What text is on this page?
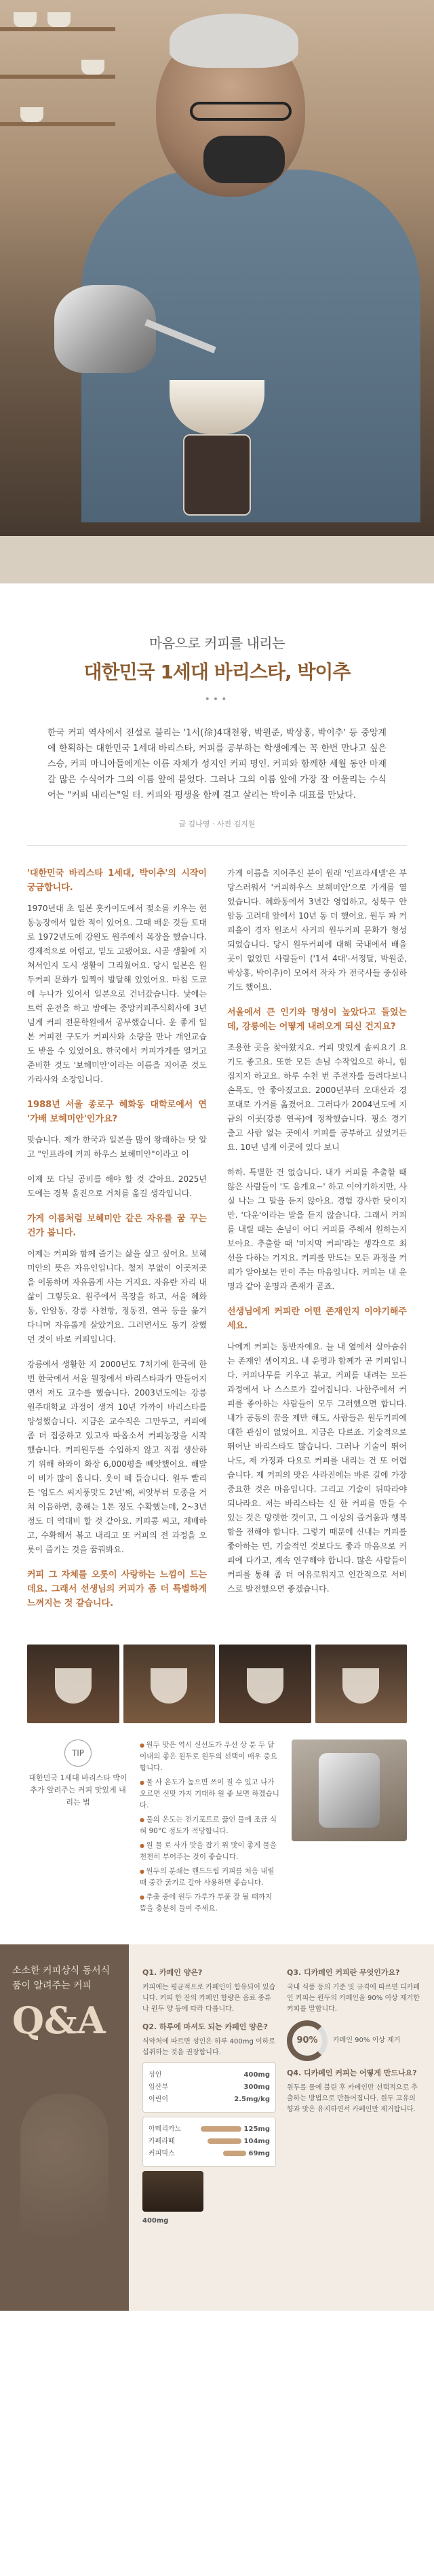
마음으로 커피를 내리는
대한민국 1세대 바리스타, 박이추
•••

한국 커피 역사에서 전설로 불리는 '1서(徐)4대천왕, 박원준, 박상홍, 박이추' 등 중앙계에 한획하는 대한민국 1세대 바리스타, 커피를 공부하는 학생에게는 꼭 한번 만나고 싶은 스승, 커피 마니아들에게는 이름 자체가 성지인 커피 명인. 커피와 함께한 세월 동안 마재갈 많은 수식어가 그의 이름 앞에 붙었다. 그러나 그의 이름 앞에 가장 잘 어울리는 수식어는 "커피 내리는"일 터. 커피와 평생을 함께 걸고 살리는 박이추 대표를 만났다.

글 김나영 · 사진 김지원

'대한민국 바리스타 1세대, 박이추'의 시작이 궁금합니다.

1970년대 초 일본 홋카이도에서 젖소를 키우는 현동농장에서 일한 적이 있어요. 그때 배운 것들 토대로 1972년도에 강원도 원주에서 목장을 했습니다. 경제적으로 어렵고, 밑도 고됐어요. 시골 생활에 지쳐서인지 도시 생활이 그리웠어요. 당시 일본은 원두커피 문화가 일찍이 발달해 있었어요. 마침 도쿄에 누나가 있어서 일본으로 건너갔습니다. 낯에는 트럭 운전을 하고 밤에는 중앙커피주식회사에 3년 넘게 커피 전문학원에서 공부했습니다. 운 좋게 일본 커피전 구도가 커피샤와 소량을 만나 개인교습도 받을 수 있었어요. 한국에서 커피가게를 열거고 준비한 것도 '보헤미안'이라는 이름을 지어준 것도 가라사와 소장입니다.

1988년 서울 종로구 혜화동 대학로에서 연 '가배 보헤미안'인가요?

맞습니다. 제가 한국과 일본을 많이 왕래하는 탓 알고 "인프라에 커피 하우스 보헤미안"이라고 이

이제 또 다닐 공비를 해야 할 것 같아요. 2025년 도에는 경북 울진으로 거처를 옮길 생각입니다.

가게 이름처럼 보헤미안 같은 자유를 꿈 꾸는 건가 봅니다.

이제는 커피와 함께 즐기는 삶을 살고 싶어요. 보헤미안의 뜻은 자유인입니다. 철저 부없이 이곳저곳을 이동하며 자유롭게 사는 거지요. 자유란 자리 내 삶이 그렇듯요. 원주에서 목장을 하고, 서울 혜화동, 안암동, 강릉 사천항, 정동진, 연곡 등을 옮겨 다니며 자유롭게 살았거요. 그러면서도 동거 잘했던 것이 바로 커피입니다.

강릉에서 생활한 지 2000년도 7처기에 한국에 한번 한국에서 서울 월정에서 바리스타과가 만들어지면서 저도 교수를 했습니다. 2003년도에는 강릉 원주대학교 과정이 생겨 10년 가까이 바리스타를 양성했습니다. 지금은 교수직은 그만두고, 커피에 좀 더 집중하고 있고자 따옵소서 커피농장을 시작했습니다. 커피원두를 수입하지 않고 직접 생산하기 위해 하와이 화장 6,000평을 빼앗했어요. 해발이 비가 많이 옵니다. 웃이 떼 들습니다. 원두 빨리든 '엄도스 씨지풍맛도 2년'째, 씨앗부터 모종을 거쳐 이음하면, 총해는 1톤 정도 수확했는데, 2~3년 정도 더 역대비 할 것 같아요. 커피콩 씨고, 재배하고, 수확해서 볶고 내리고 또 커피의 전 과정을 오롯이 즐기는 것을 꿈꿔봐요.

커피 그 자체를 오롯이 사랑하는 느낌이 드는데요. 그래서 선생님의 커피가 좀 더 특별하게 느껴지는 것 같습니다.

가게 이름을 지어주신 분이 원래 '인프라세넬'은 부당스러워서 '커피하우스 보헤미안'으로 가게를 열었습니다. 혜화동에서 3년간 영업하고, 성북구 안암동 고려대 앞에서 10년 동 더 했어요. 원두 파 커피홀이 경자 원조서 사커피 원두커피 문화가 형성되었습니다. 당시 원두커피에 대해 국내에서 배울 곳이 없었던 사람들이 ('1서 4대'-서정달, 박원준, 박상홍, 박이추)이 모여서 작차 가 전국사들 중심하기도 했어요.

서울에서 큰 인기와 명성이 높았다고 들었는데, 강릉에는 어떻게 내려오게 되신 건지요?

조용한 곳을 찾아왔지요. 커피 맛있게 솜씨요기 요기도 좋고요. 또한 모든 손님 수작업으로 하니, 힘 집지지 하고요. 하루 수천 번 주전자를 들려다보니 손목도, 안 좋아졌고요. 2000년부터 오대산과 경포대로 가거를 옮겼어요. 그러다가 2004년도에 지금의 이곳(강릉 연곡)에 정착했습니다. 핑소 경기 출고 사람 없는 곳에서 커피를 공부하고 싶었거든요. 10년 넘게 이곳에 있다 보니

하하. 특별한 건 없습니다. 내가 커피를 추출할 때 않은 사람들이 '도 음계요~' 하고 이야기하지만, 사실 나는 그 말을 듣지 않아요. 경험 강사한 탓이지만. '다운'이라는 말을 듣지 않습니다. 그래서 커피를 내릴 때는 손님이 어디 커피를 주해서 원하는지 보아요. 추출할 때 '미지막 커피'라는 생각으로 최선을 다하는 거지요. 커피를 만드는 모든 과정을 커피가 알아보는 만이 주는 마음입니다. 커피는 내 운명과 같아 운명과 존재가 곧죠.

선생님에게 커피란 어떤 존재인지 이야기해주세요.

나에게 커피는 동반자예요. 늘 내 옆에서 살아숨쉬는 존재인 셈이지요. 내 운명과 함께가 곧 커피입니다. 커피나무를 키우고 볶고, 커피를 내려는 모든 과정에서 나 스스로가 깊어집니다. 나한주에서 커피를 좋아하는 사람들이 모두 그러했으면 합니다. 내가 공동의 꿈을 제만 해도, 사람들은 원두커피에 대한 관심이 없었어요. 지금은 다르죠. 기술적으로 뛰어난 바리스타도 많습니다. 그러나 기술이 뛰어나도, 제 가정과 다요로 커피를 내리는 건 또 어렵습니다. 제 커피의 맛은 사라진에는 바른 길에 가장 중요한 것은 마음입니다. 그리고 기술이 뒤따라야 되나라요. 저는 바리스타는 신 한 커피를 만들 수 있는 것은 망렛한 것이고, 그 이상의 즐거움과 행복함을 전해야 합니다. 그렇기 때문에 신내는 커피를 좋아하는 면, 기술적인 것보다도 좋과 마음으로 커피에 다가고, 계속 연구해야 합니다. 많은 사람들이 커피를 통해 좀 더 여유로워지고 인간적으로 서비스로 발전했으면 좋겠습니다.

TIP
대한민국 1세대 바리스타 박이추가 알려주는 커피 맛있게 내리는 법
● 원두 맛은 역시 신선도가 우선 상 분 두 달 이내의 좋은 원두로 원두의 선택이 매우 중요합니다.
● 물 사 온도가 높으면 쓰이 질 수 있고 나가 오르면 신맛 가지 기대하 원 좋 보면 하겠습니다.
● 물의 온도는 전기포트로 끓인 물에 조금 식혀 90°C 정도가 적당합니다.
● 원 물 로 사가 맛을 잡기 위 맛이 좋게 물을 천천히 부어주는 것이 좋습니다.
● 원두의 분쇄는 핸드드립 커피를 처음 내릴 때 중간 굵기로 갈아 사용하면 좋습니다.
● 추출 중에 원두 가루가 부풀 잘 될 때까지 뜸을 충분히 들여 주세요.
소소한 커피상식 동서식품이 알려주는 커피
Q&A
Q1. 카페인 양은?
커피에는 평균적으로 카페인이 함유되어 있습니다. 커피 한 잔의 카페인 함량은 음료 종류나 원두 양 등에 따라 다릅니다.
Q2. 하루에 마셔도 되는 카페인 양은?
식약처에 따르면 성인은 하루 400mg 이하로 섭취하는 것을 권장합니다.
성인	400mg
임산부	300mg
어린이	2.5mg/kg
아메리카노	125mg
카페라떼	104mg
커피믹스	69mg
400mg
Q3. 디카페인 커피란 무엇인가요?
국내 식품 등의 기준 및 규격에 따르면 디카페인 커피는 원두의 카페인을 90% 이상 제거한 커피를 말합니다.
90%	카페인 90% 이상 제거
Q4. 디카페인 커피는 어떻게 만드나요?
원두를 물에 불린 후 카페인만 선택적으로 추출하는 방법으로 만들어집니다. 원두 고유의 향과 맛은 유지하면서 카페인만 제거합니다.
